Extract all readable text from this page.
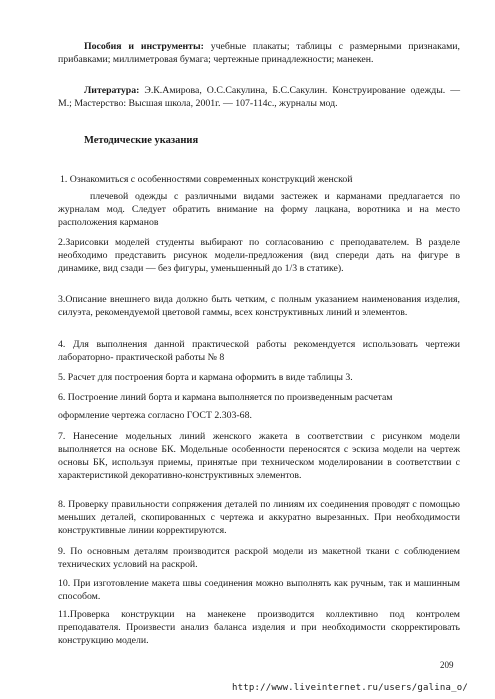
Пособия и инструменты: учебные плакаты; таблицы с размерными признаками, прибавками; миллиметровая бумага; чертежные принадлежности; манекен.
Литература: Э.К.Амирова, О.С.Сакулина, Б.С.Сакулин. Конструирование одежды. — М.; Мастерство: Высшая школа, 2001г. — 107-114с., журналы мод.
Методические указания
1. Ознакомиться с особенностями современных конструкций женской

плечевой одежды с различными видами застежек и карманами предлагается по журналам мод. Следует обратить внимание на форму лацкана, воротника и на место расположения карманов

2.Зарисовки моделей студенты выбирают по согласованию с преподавателем. В разделе необходимо представить рисунок модели-предложения (вид спереди дать на фигуре в динамике, вид сзади — без фигуры, уменьшенный до 1/3 в статике).
3.Описание внешнего вида должно быть четким, с полным указанием наименования изделия, силуэта, рекомендуемой цветовой гаммы, всех конструктивных линий и элементов.
4. Для выполнения данной практической работы рекомендуется использовать чертежи лабораторно- практической работы № 8
5. Расчет для построения борта и кармана оформить в виде таблицы 3.
6. Построение линий борта и кармана выполняется по произведенным расчетам
оформление чертежа согласно ГОСТ 2.303-68.
7. Нанесение модельных линий женского жакета в соответствии с рисунком модели выполняется на основе БК. Модельные особенности переносятся с эскиза модели на чертеж основы БК, используя приемы, принятые при техническом моделировании в соответствии с характеристикой декоративно-конструктивных элементов.
8. Проверку правильности сопряжения деталей по линиям их соединения проводят с помощью меньших деталей, скопированных с чертежа и аккуратно вырезанных. При необходимости конструктивные линии корректируются.
9. По основным деталям производится раскрой модели из макетной ткани с соблюдением технических условий на раскрой.
10. При изготовление макета швы соединения можно выполнять как ручным, так и машинным способом.
11.Проверка конструкции на манекене производится коллективно под контролем преподавателя. Произвести анализ баланса изделия и при необходимости скорректировать конструкцию модели.
209
http://www.liveinternet.ru/users/galina_o/
